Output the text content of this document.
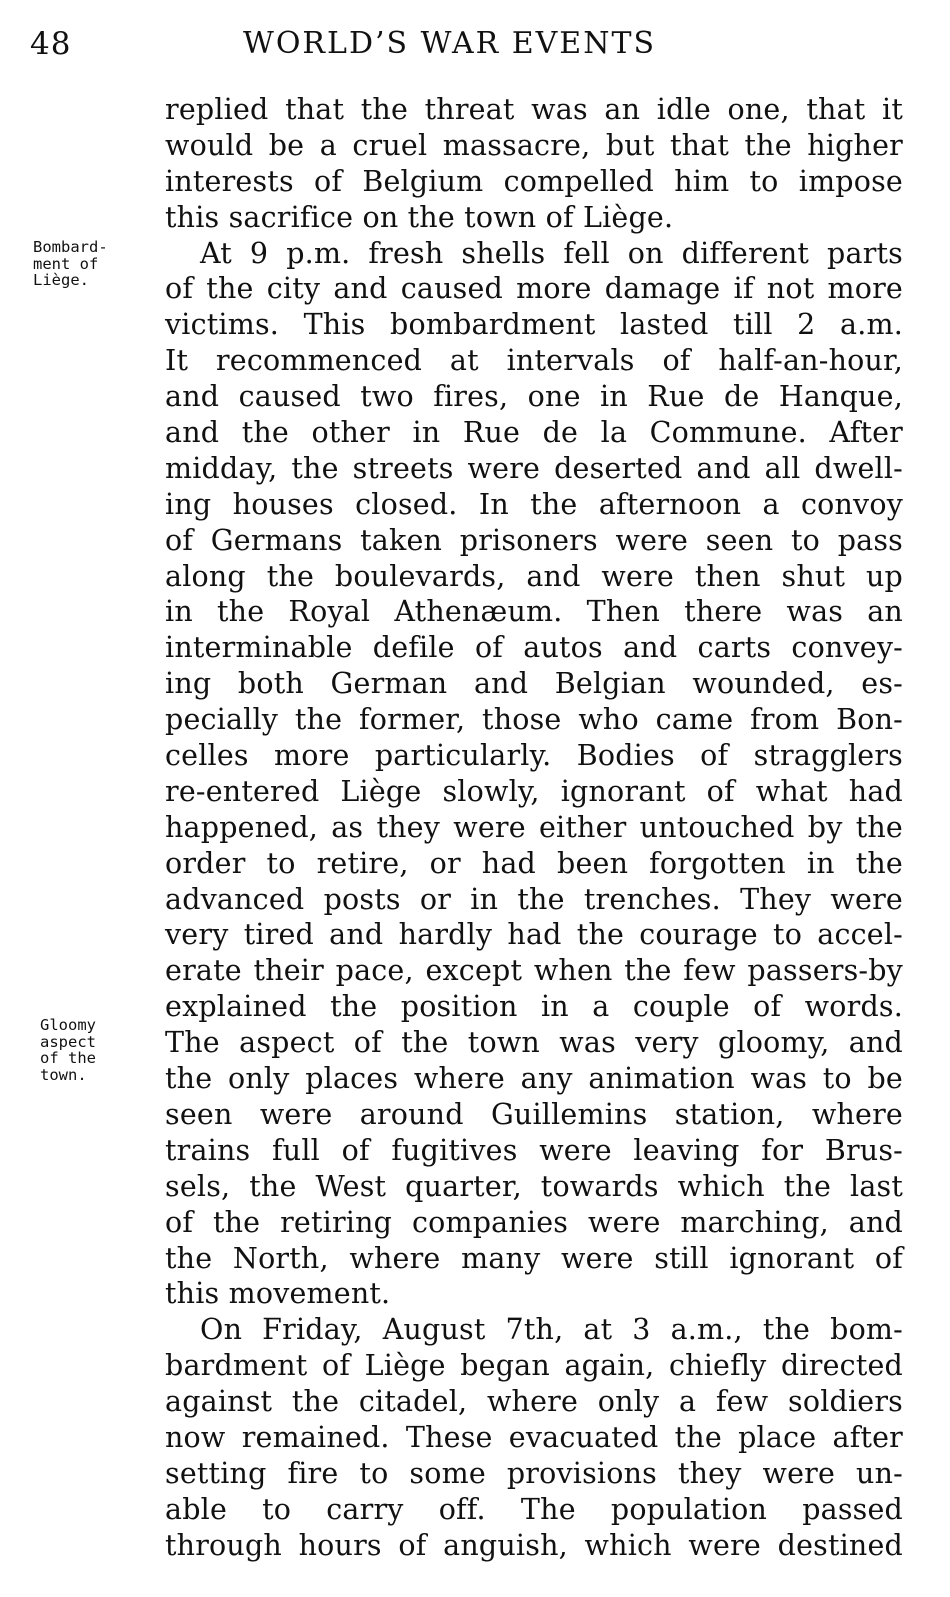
48	WORLD’S WAR EVENTS
Bombard-
ment of
Liège.
Gloomy
aspect
of the
town.
replied that the threat was an idle one, that it
would be a cruel massacre, but that the higher
interests of Belgium compelled him to impose
this sacrifice on the town of Liège.
At 9 p.m. fresh shells fell on different parts
of the city and caused more damage if not more
victims. This bombardment lasted till 2 a.m.
It recommenced at intervals of half-an-hour,
and caused two fires, one in Rue de Hanque,
and the other in Rue de la Commune. After
midday, the streets were deserted and all dwell-
ing houses closed. In the afternoon a convoy
of Germans taken prisoners were seen to pass
along the boulevards, and were then shut up
in the Royal Athenæum. Then there was an
interminable defile of autos and carts convey-
ing both German and Belgian wounded, es-
pecially the former, those who came from Bon-
celles more particularly. Bodies of stragglers
re-entered Liège slowly, ignorant of what had
happened, as they were either untouched by the
order to retire, or had been forgotten in the
advanced posts or in the trenches. They were
very tired and hardly had the courage to accel-
erate their pace, except when the few passers-by
explained the position in a couple of words.
The aspect of the town was very gloomy, and
the only places where any animation was to be
seen were around Guillemins station, where
trains full of fugitives were leaving for Brus-
sels, the West quarter, towards which the last
of the retiring companies were marching, and
the North, where many were still ignorant of
this movement.
On Friday, August 7th, at 3 a.m., the bom-
bardment of Liège began again, chiefly directed
against the citadel, where only a few soldiers
now remained. These evacuated the place after
setting fire to some provisions they were un-
able to carry off. The population passed
through hours of anguish, which were destined
